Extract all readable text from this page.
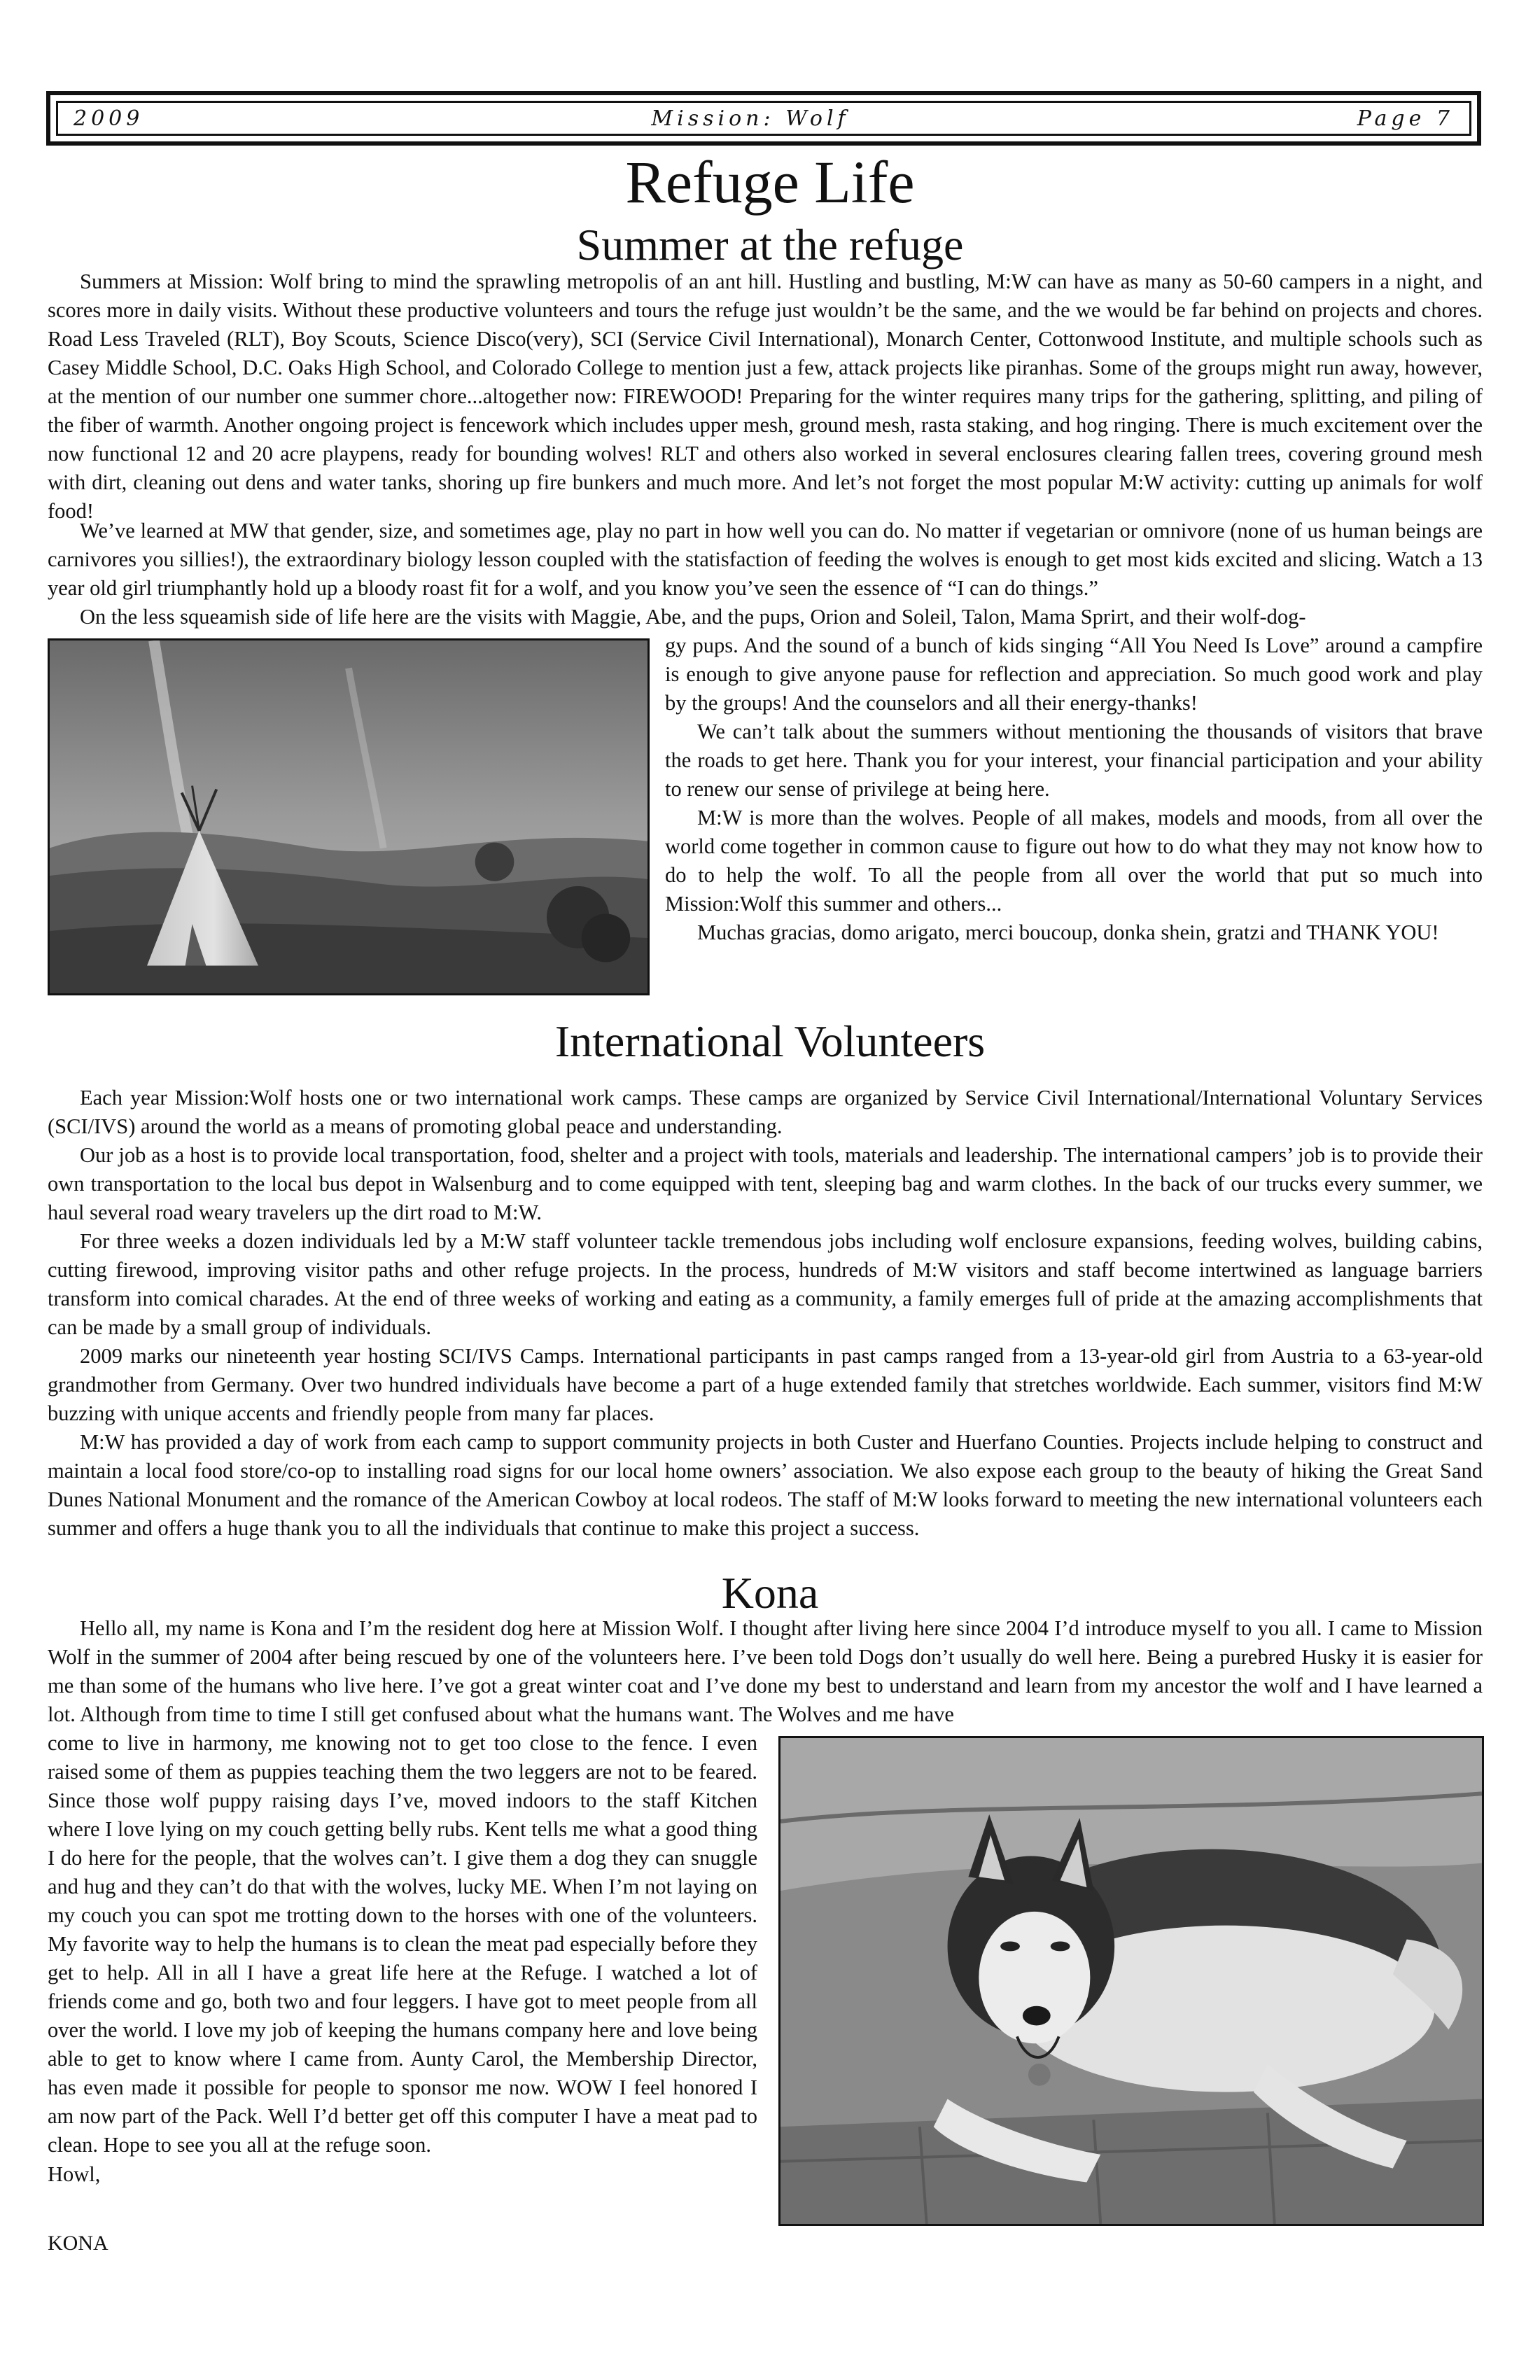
2009	Mission: Wolf	Page 7
Refuge Life
Summer at the refuge

Summers at Mission: Wolf bring to mind the sprawling metropolis of an ant hill. Hustling and bustling, M:W can have as many as 50-60 campers in a night, and scores more in daily visits. Without these productive volunteers and tours the refuge just wouldn’t be the same, and the we would be far behind on projects and chores. Road Less Traveled (RLT), Boy Scouts, Science Disco(very), SCI (Service Civil International), Monarch Center, Cottonwood Institute, and multiple schools such as Casey Middle School, D.C. Oaks High School, and Colorado College to mention just a few, attack projects like piranhas. Some of the groups might run away, however, at the mention of our number one summer chore...altogether now: FIREWOOD! Preparing for the winter requires many trips for the gathering, splitting, and piling of the fiber of warmth. Another ongoing project is fencework which includes upper mesh, ground mesh, rasta staking, and hog ringing. There is much excitement over the now functional 12 and 20 acre playpens, ready for bounding wolves! RLT and others also worked in several enclosures clearing fallen trees, covering ground mesh with dirt, cleaning out dens and water tanks, shoring up fire bunkers and much more. And let’s not forget the most popular M:W activity: cutting up animals for wolf food!

We’ve learned at MW that gender, size, and sometimes age, play no part in how well you can do. No matter if vegetarian or omnivore (none of us human beings are carnivores you sillies!), the extraordinary biology lesson coupled with the statisfaction of feeding the wolves is enough to get most kids excited and slicing. Watch a 13 year old girl triumphantly hold up a bloody roast fit for a wolf, and you know you’ve seen the essence of “I can do things.”

On the less squeamish side of life here are the visits with Maggie, Abe, and the pups, Orion and Soleil, Talon, Mama Sprirt, and their wolf-dog-

gy pups. And the sound of a bunch of kids singing “All You Need Is Love” around a campfire is enough to give anyone pause for reflection and appreciation. So much good work and play by the groups! And the counselors and all their energy-thanks!

We can’t talk about the summers without mentioning the thousands of visitors that brave the roads to get here. Thank you for your interest, your financial participation and your ability to renew our sense of privilege at being here.

M:W is more than the wolves. People of all makes, models and moods, from all over the world come together in common cause to figure out how to do what they may not know how to do to help the wolf. To all the people from all over the world that put so much into Mission:Wolf this summer and others...

Muchas gracias, domo arigato, merci boucoup, donka shein, gratzi and THANK YOU!

International Volunteers

Each year Mission:Wolf hosts one or two international work camps. These camps are organized by Service Civil International/International Voluntary Services (SCI/IVS) around the world as a means of promoting global peace and understanding.

Our job as a host is to provide local transportation, food, shelter and a project with tools, materials and leadership. The international campers’ job is to provide their own transportation to the local bus depot in Walsenburg and to come equipped with tent, sleeping bag and warm clothes. In the back of our trucks every summer, we haul several road weary travelers up the dirt road to M:W.

For three weeks a dozen individuals led by a M:W staff volunteer tackle tremendous jobs including wolf enclosure expansions, feeding wolves, building cabins, cutting firewood, improving visitor paths and other refuge projects. In the process, hundreds of M:W visitors and staff become intertwined as language barriers transform into comical charades. At the end of three weeks of working and eating as a community, a family emerges full of pride at the amazing accomplishments that can be made by a small group of individuals.

2009 marks our nineteenth year hosting SCI/IVS Camps. International participants in past camps ranged from a 13-year-old girl from Austria to a 63-year-old grandmother from Germany. Over two hundred individuals have become a part of a huge extended family that stretches worldwide. Each summer, visitors find M:W buzzing with unique accents and friendly people from many far places.

M:W has provided a day of work from each camp to support community projects in both Custer and Huerfano Counties. Projects include helping to construct and maintain a local food store/co-op to installing road signs for our local home owners’ association. We also expose each group to the beauty of hiking the Great Sand Dunes National Monument and the romance of the American Cowboy at local rodeos. The staff of M:W looks forward to meeting the new international volunteers each summer and offers a huge thank you to all the individuals that continue to make this project a success.

Kona

Hello all, my name is Kona and I’m the resident dog here at Mission Wolf. I thought after living here since 2004 I’d introduce myself to you all. I came to Mission Wolf in the summer of 2004 after being rescued by one of the volunteers here. I’ve been told Dogs don’t usually do well here. Being a purebred Husky it is easier for me than some of the humans who live here. I’ve got a great winter coat and I’ve done my best to understand and learn from my ancestor the wolf and I have learned a lot. Although from time to time I still get confused about what the humans want. The Wolves and me have

come to live in harmony, me knowing not to get too close to the fence. I even raised some of them as puppies teaching them the two leggers are not to be feared. Since those wolf puppy raising days I’ve, moved indoors to the staff Kitchen where I love lying on my couch getting belly rubs. Kent tells me what a good thing I do here for the people, that the wolves can’t. I give them a dog they can snuggle and hug and they can’t do that with the wolves, lucky ME. When I’m not laying on my couch you can spot me trotting down to the horses with one of the volunteers. My favorite way to help the humans is to clean the meat pad especially before they get to help. All in all I have a great life here at the Refuge. I watched a lot of friends come and go, both two and four leggers. I have got to meet people from all over the world. I love my job of keeping the humans company here and love being able to get to know where I came from. Aunty Carol, the Membership Director, has even made it possible for people to sponsor me now. WOW I feel honored I am now part of the Pack. Well I’d better get off this computer I have a meat pad to clean. Hope to see you all at the refuge soon.

Howl,

KONA
